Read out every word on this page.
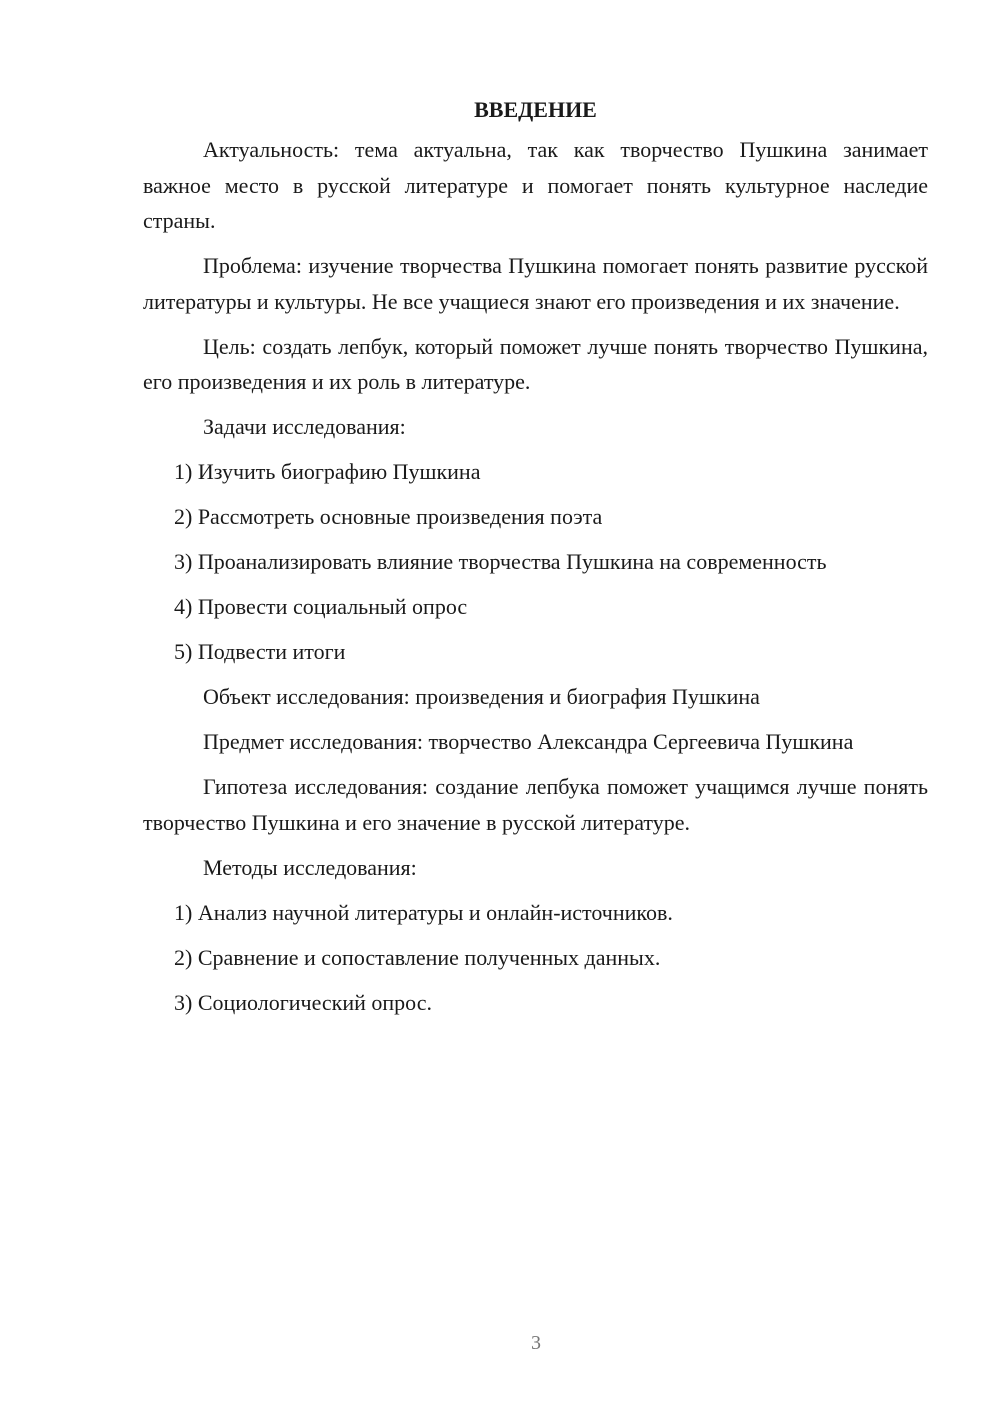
ВВЕДЕНИЕ

Актуальность: тема актуальна, так как творчество Пушкина занимает важное место в русской литературе и помогает понять культурное наследие страны.

Проблема: изучение творчества Пушкина помогает понять развитие русской литературы и культуры. Не все учащиеся знают его произведения и их значение.

Цель: создать лепбук, который поможет лучше понять творчество Пушкина, его произведения и их роль в литературе.

Задачи исследования:
1) Изучить биографию Пушкина
2) Рассмотреть основные произведения поэта
3) Проанализировать влияние творчества Пушкина на современность
4) Провести социальный опрос
5) Подвести итоги
Объект исследования: произведения и биография Пушкина

Предмет исследования: творчество Александра Сергеевича Пушкина

Гипотеза исследования: создание лепбука поможет учащимся лучше понять творчество Пушкина и его значение в русской литературе.

Методы исследования:
1) Анализ научной литературы и онлайн-источников.
2) Сравнение и сопоставление полученных данных.
3) Социологический опрос.
3
